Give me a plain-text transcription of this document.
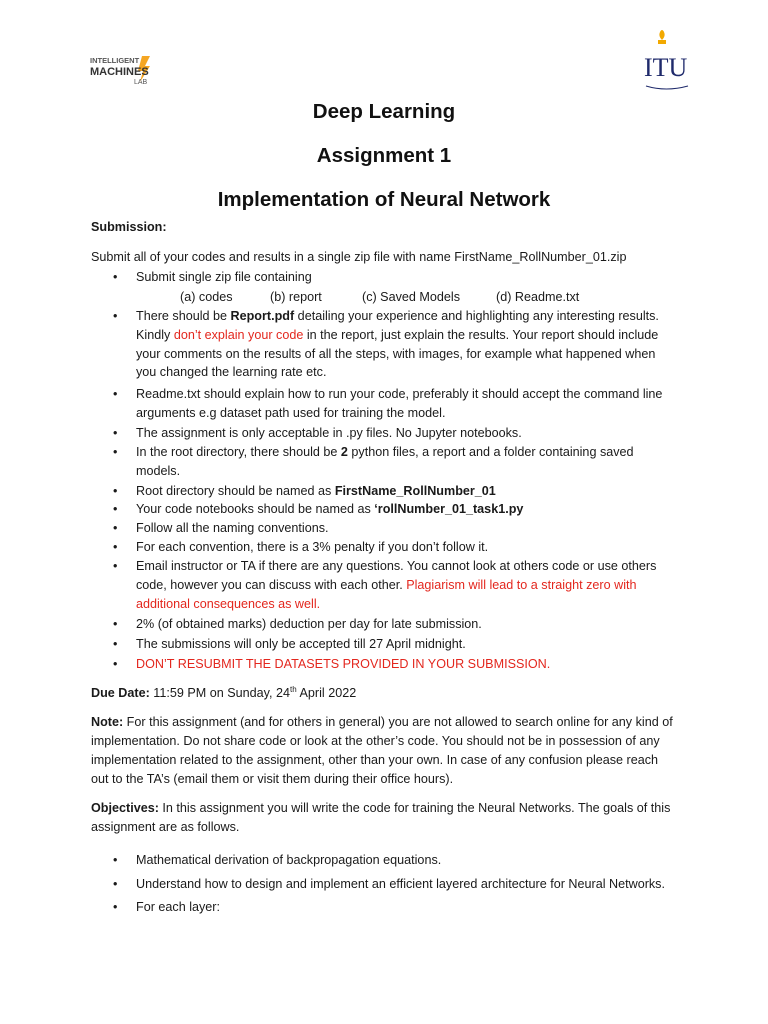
INTELLIGENT
MACHINES
LAB
ITU
Deep Learning
Assignment 1
Implementation of Neural Network
Submission:
Submit all of your codes and results in a single zip file with name FirstName_RollNumber_01.zip
• Submit single zip file containing
(a) codes	(b) report	(c) Saved Models	(d) Readme.txt
• There should be Report.pdf detailing your experience and highlighting any interesting results.
Kindly don’t explain your code in the report, just explain the results. Your report should include
your comments on the results of all the steps, with images, for example what happened when
you changed the learning rate etc.
• Readme.txt should explain how to run your code, preferably it should accept the command line
arguments e.g dataset path used for training the model.
• The assignment is only acceptable in .py files. No Jupyter notebooks.
• In the root directory, there should be 2 python files, a report and a folder containing saved
models.
• Root directory should be named as FirstName_RollNumber_01
• Your code notebooks should be named as ‘rollNumber_01_task1.py
• Follow all the naming conventions.
• For each convention, there is a 3% penalty if you don’t follow it.
• Email instructor or TA if there are any questions. You cannot look at others code or use others
code, however you can discuss with each other. Plagiarism will lead to a straight zero with
additional consequences as well.
• 2% (of obtained marks) deduction per day for late submission.
• The submissions will only be accepted till 27 April midnight.
• DON’T RESUBMIT THE DATASETS PROVIDED IN YOUR SUBMISSION.
Due Date: 11:59 PM on Sunday, 24th April 2022
Note: For this assignment (and for others in general) you are not allowed to search online for any kind of
implementation. Do not share code or look at the other’s code. You should not be in possession of any
implementation related to the assignment, other than your own. In case of any confusion please reach
out to the TA’s (email them or visit them during their office hours).
Objectives: In this assignment you will write the code for training the Neural Networks. The goals of this
assignment are as follows.
• Mathematical derivation of backpropagation equations.
• Understand how to design and implement an efficient layered architecture for Neural Networks.
• For each layer:
